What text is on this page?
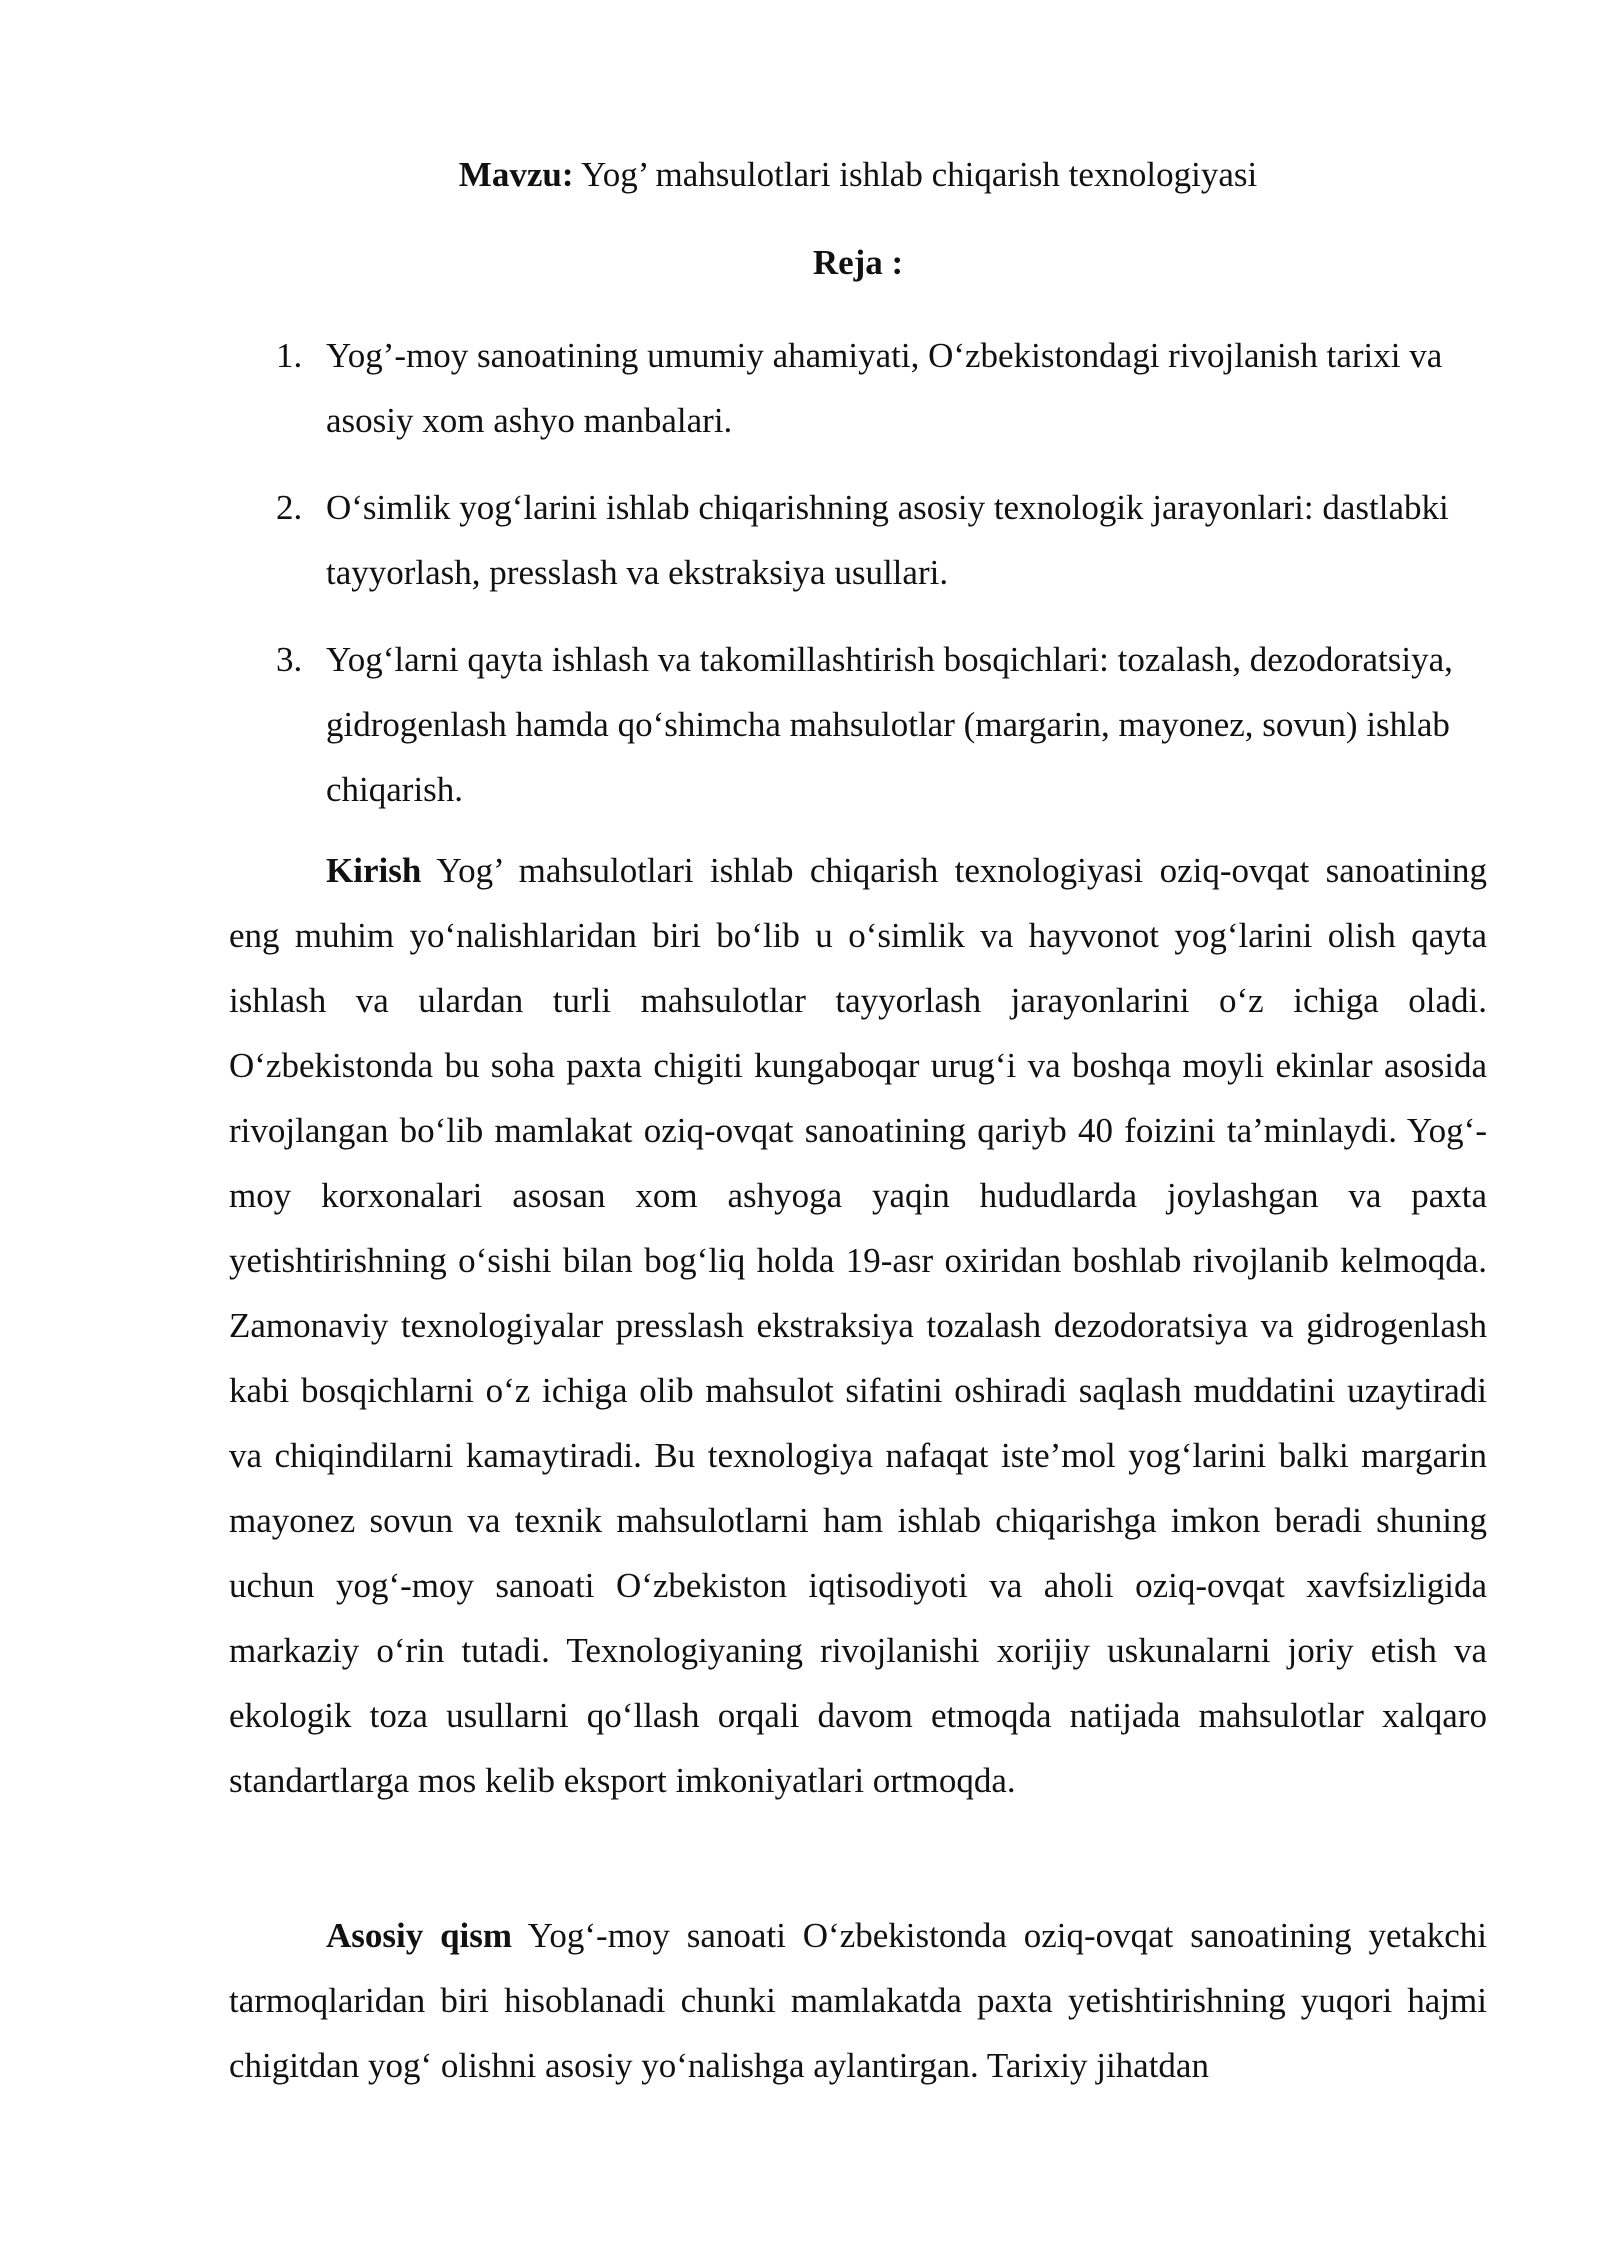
Mavzu: Yog’ mahsulotlari ishlab chiqarish texnologiyasi

Reja :

1. Yog’-moy sanoatining umumiy ahamiyati, O‘zbekistondagi rivojlanish tarixi va asosiy xom ashyo manbalari.
2. O‘simlik yog‘larini ishlab chiqarishning asosiy texnologik jarayonlari: dastlabki tayyorlash, presslash va ekstraksiya usullari.
3. Yog‘larni qayta ishlash va takomillashtirish bosqichlari: tozalash, dezodoratsiya, gidrogenlash hamda qo‘shimcha mahsulotlar (margarin, mayonez, sovun) ishlab chiqarish.

Kirish Yog’ mahsulotlari ishlab chiqarish texnologiyasi oziq-ovqat sanoatining eng muhim yo‘nalishlaridan biri bo‘lib u o‘simlik va hayvonot yog‘larini olish qayta ishlash va ulardan turli mahsulotlar tayyorlash jarayonlarini o‘z ichiga oladi. O‘zbekistonda bu soha paxta chigiti kungaboqar urug‘i va boshqa moyli ekinlar asosida rivojlangan bo‘lib mamlakat oziq-ovqat sanoatining qariyb 40 foizini ta’minlaydi. Yog‘-moy korxonalari asosan xom ashyoga yaqin hududlarda joylashgan va paxta yetishtirishning o‘sishi bilan bog‘liq holda 19-asr oxiridan boshlab rivojlanib kelmoqda. Zamonaviy texnologiyalar presslash ekstraksiya tozalash dezodoratsiya va gidrogenlash kabi bosqichlarni o‘z ichiga olib mahsulot sifatini oshiradi saqlash muddatini uzaytiradi va chiqindilarni kamaytiradi. Bu texnologiya nafaqat iste’mol yog‘larini balki margarin mayonez sovun va texnik mahsulotlarni ham ishlab chiqarishga imkon beradi shuning uchun yog‘-moy sanoati O‘zbekiston iqtisodiyoti va aholi oziq-ovqat xavfsizligida markaziy o‘rin tutadi. Texnologiyaning rivojlanishi xorijiy uskunalarni joriy etish va ekologik toza usullarni qo‘llash orqali davom etmoqda natijada mahsulotlar xalqaro standartlarga mos kelib eksport imkoniyatlari ortmoqda.

Asosiy qism Yog‘-moy sanoati O‘zbekistonda oziq-ovqat sanoatining yetakchi tarmoqlaridan biri hisoblanadi chunki mamlakatda paxta yetishtirishning yuqori hajmi chigitdan yog‘ olishni asosiy yo‘nalishga aylantirgan. Tarixiy jihatdan
